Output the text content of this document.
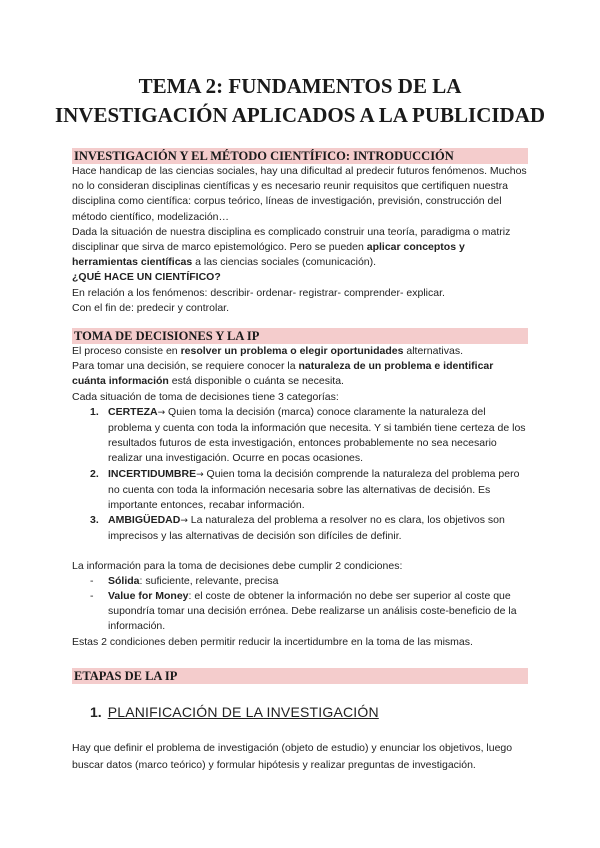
TEMA 2: FUNDAMENTOS DE LA
INVESTIGACIÓN APLICADOS A LA PUBLICIDAD
INVESTIGACIÓN Y EL MÉTODO CIENTÍFICO: INTRODUCCIÓN

Hace handicap de las ciencias sociales, hay una dificultad al predecir futuros fenómenos. Muchos no lo consideran disciplinas científicas y es necesario reunir requisitos que certifiquen nuestra disciplina como científica: corpus teórico, líneas de investigación, previsión, construcción del método científico, modelización…

Dada la situación de nuestra disciplina es complicado construir una teoría, paradigma o matriz disciplinar que sirva de marco epistemológico. Pero se pueden aplicar conceptos y herramientas científicas a las ciencias sociales (comunicación).

¿QUÉ HACE UN CIENTÍFICO?

En relación a los fenómenos: describir- ordenar- registrar- comprender- explicar.

Con el fin de: predecir y controlar.

TOMA DE DECISIONES Y LA IP

El proceso consiste en resolver un problema o elegir oportunidades alternativas.

Para tomar una decisión, se requiere conocer la naturaleza de un problema e identificar cuánta información está disponible o cuánta se necesita.

Cada situación de toma de decisiones tiene 3 categorías:

1. CERTEZA→ Quien toma la decisión (marca) conoce claramente la naturaleza del problema y cuenta con toda la información que necesita. Y si también tiene certeza de los resultados futuros de esta investigación, entonces probablemente no sea necesario realizar una investigación. Ocurre en pocas ocasiones.
2. INCERTIDUMBRE→ Quien toma la decisión comprende la naturaleza del problema pero no cuenta con toda la información necesaria sobre las alternativas de decisión. Es importante entonces, recabar información.
3. AMBIGÜEDAD→ La naturaleza del problema a resolver no es clara, los objetivos son imprecisos y las alternativas de decisión son difíciles de definir.

La información para la toma de decisiones debe cumplir 2 condiciones:

- Sólida: suficiente, relevante, precisa
- Value for Money: el coste de obtener la información no debe ser superior al coste que supondría tomar una decisión errónea. Debe realizarse un análisis coste-beneficio de la información.

Estas 2 condiciones deben permitir reducir la incertidumbre en la toma de las mismas.

ETAPAS DE LA IP
1. PLANIFICACIÓN DE LA INVESTIGACIÓN

Hay que definir el problema de investigación (objeto de estudio) y enunciar los objetivos, luego buscar datos (marco teórico) y formular hipótesis y realizar preguntas de investigación.
